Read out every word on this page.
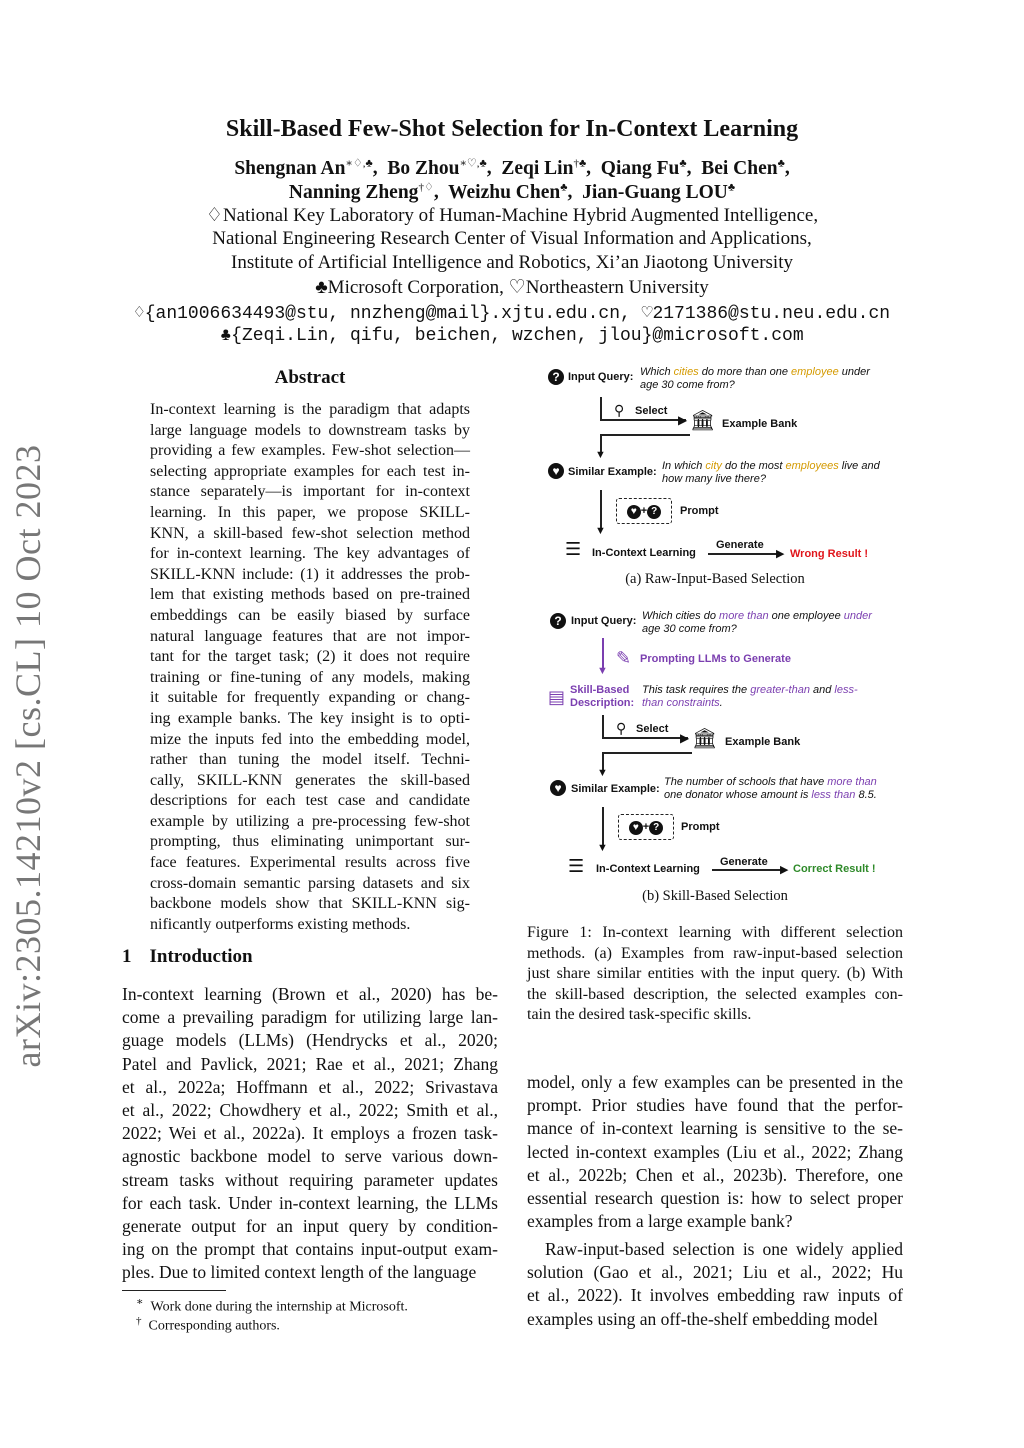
arXiv:2305.14210v2 [cs.CL] 10 Oct 2023
Skill-Based Few-Shot Selection for In-Context Learning
Shengnan An∗♢,♣,  Bo Zhou∗♡,♣,  Zeqi Lin†♣,  Qiang Fu♣,  Bei Chen♣,
Nanning Zheng†♢,  Weizhu Chen♣,  Jian-Guang LOU♣
♢National Key Laboratory of Human-Machine Hybrid Augmented Intelligence,
National Engineering Research Center of Visual Information and Applications,
Institute of Artificial Intelligence and Robotics, Xi’an Jiaotong University
♣Microsoft Corporation, ♡Northeastern University
♢{an1006634493@stu, nnzheng@mail}.xjtu.edu.cn, ♡2171386@stu.neu.edu.cn
♣{Zeqi.Lin, qifu, beichen, wzchen, jlou}@microsoft.com
Abstract
In-context learning is the paradigm that adapts
large language models to downstream tasks by
providing a few examples. Few-shot selection—
selecting appropriate examples for each test in-
stance separately—is important for in-context
learning. In this paper, we propose SKILL-
KNN, a skill-based few-shot selection method
for in-context learning. The key advantages of
SKILL-KNN include: (1) it addresses the prob-
lem that existing methods based on pre-trained
embeddings can be easily biased by surface
natural language features that are not impor-
tant for the target task; (2) it does not require
training or fine-tuning of any models, making
it suitable for frequently expanding or chang-
ing example banks. The key insight is to opti-
mize the inputs fed into the embedding model,
rather than tuning the model itself. Techni-
cally, SKILL-KNN generates the skill-based
descriptions for each test case and candidate
example by utilizing a pre-processing few-shot
prompting, thus eliminating unimportant sur-
face features. Experimental results across five
cross-domain semantic parsing datasets and six
backbone models show that SKILL-KNN sig-
nificantly outperforms existing methods.
1 Introduction
In-context learning (Brown et al., 2020) has be-
come a prevailing paradigm for utilizing large lan-
guage models (LLMs) (Hendrycks et al., 2020;
Patel and Pavlick, 2021; Rae et al., 2021; Zhang
et al., 2022a; Hoffmann et al., 2022; Srivastava
et al., 2022; Chowdhery et al., 2022; Smith et al.,
2022; Wei et al., 2022a). It employs a frozen task-
agnostic backbone model to serve various down-
stream tasks without requiring parameter updates
for each task. Under in-context learning, the LLMs
generate output for an input query by condition-
ing on the prompt that contains input-output exam-
ples. Due to limited context length of the language
∗ Work done during the internship at Microsoft.
† Corresponding authors.
? Input Query: Which cities do more than one employee under
age 30 come from?
▶
⚲ Select 🏛 Example Bank
▼
♥ Similar Example: In which city do the most employees live and
how many live there?
▼
♥ + ?	Prompt
☰ In-Context Learning
Generate
▶ Wrong Result !
(a) Raw-Input-Based Selection
? Input Query: Which cities do more than one employee under
age 30 come from?
▼
✎ Prompting LLMs to Generate
▤ Skill-Based
Description:
This task requires the greater-than and less-
than constraints.
▶
⚲ Select 🏛 Example Bank
▼
♥ Similar Example:
The number of schools that have more than
one donator whose amount is less than 8.5.
▼
♥ + ?	Prompt
☰ In-Context Learning
Generate
▶ Correct Result !
(b) Skill-Based Selection
Figure 1: In-context learning with different selection
methods. (a) Examples from raw-input-based selection
just share similar entities with the input query. (b) With
the skill-based description, the selected examples con-
tain the desired task-specific skills.
model, only a few examples can be presented in the
prompt. Prior studies have found that the perfor-
mance of in-context learning is sensitive to the se-
lected in-context examples (Liu et al., 2022; Zhang
et al., 2022b; Chen et al., 2023b). Therefore, one
essential research question is: how to select proper
examples from a large example bank?
Raw-input-based selection is one widely applied
solution (Gao et al., 2021; Liu et al., 2022; Hu
et al., 2022). It involves embedding raw inputs of
examples using an off-the-shelf embedding model
